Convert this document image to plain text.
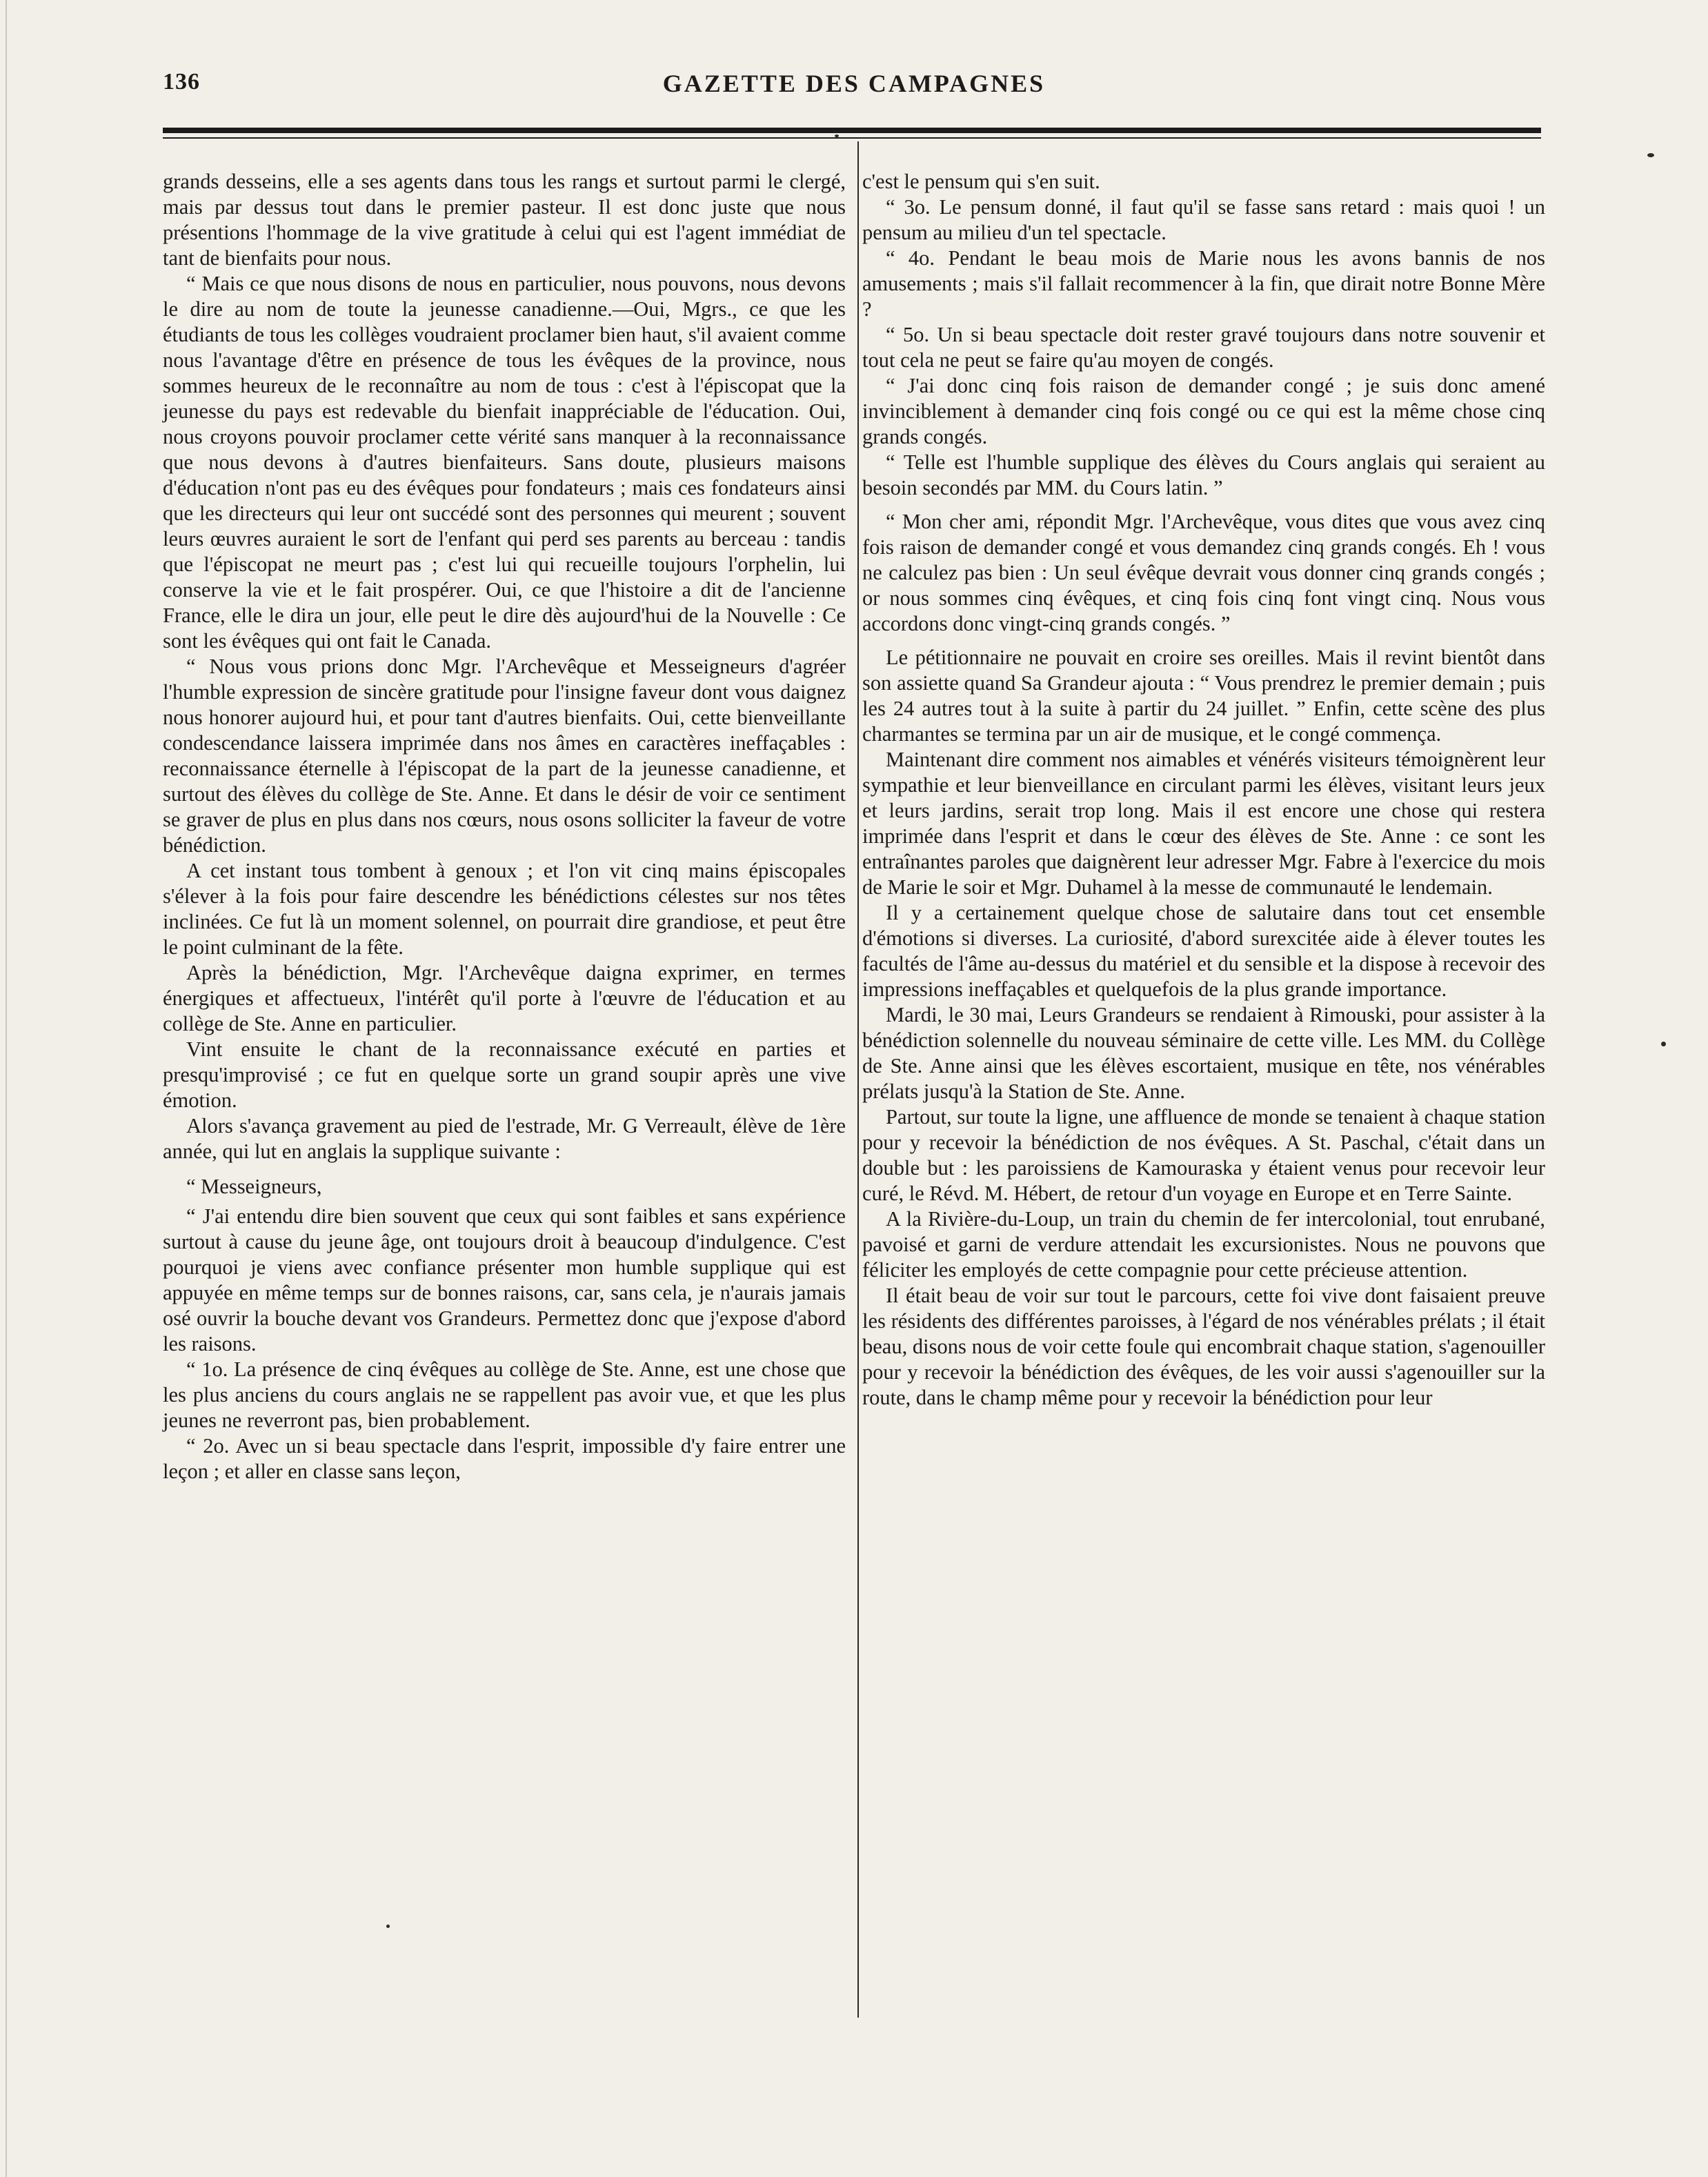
136	GAZETTE DES CAMPAGNES

grands desseins, elle a ses agents dans tous les rangs et surtout parmi le clergé, mais par dessus tout dans le premier pasteur. Il est donc juste que nous présentions l'hommage de la vive gratitude à celui qui est l'agent immédiat de tant de bienfaits pour nous.

“ Mais ce que nous disons de nous en particulier, nous pouvons, nous devons le dire au nom de toute la jeunesse canadienne.—Oui, Mgrs., ce que les étudiants de tous les collèges voudraient proclamer bien haut, s'il avaient comme nous l'avantage d'être en présence de tous les évêques de la province, nous sommes heureux de le reconnaître au nom de tous : c'est à l'épiscopat que la jeunesse du pays est redevable du bienfait inappréciable de l'éducation. Oui, nous croyons pouvoir proclamer cette vérité sans manquer à la reconnaissance que nous devons à d'autres bienfaiteurs. Sans doute, plusieurs maisons d'éducation n'ont pas eu des évêques pour fondateurs ; mais ces fondateurs ainsi que les directeurs qui leur ont succédé sont des personnes qui meurent ; souvent leurs œuvres auraient le sort de l'enfant qui perd ses parents au berceau : tandis que l'épiscopat ne meurt pas ; c'est lui qui recueille toujours l'orphelin, lui conserve la vie et le fait prospérer. Oui, ce que l'histoire a dit de l'ancienne France, elle le dira un jour, elle peut le dire dès aujourd'hui de la Nouvelle : Ce sont les évêques qui ont fait le Canada.

“ Nous vous prions donc Mgr. l'Archevêque et Messeigneurs d'agréer l'humble expression de sincère gratitude pour l'insigne faveur dont vous daignez nous honorer aujourd hui, et pour tant d'autres bienfaits. Oui, cette bienveillante condescendance laissera imprimée dans nos âmes en caractères ineffaçables : reconnaissance éternelle à l'épiscopat de la part de la jeunesse canadienne, et surtout des élèves du collège de Ste. Anne. Et dans le désir de voir ce sentiment se graver de plus en plus dans nos cœurs, nous osons solliciter la faveur de votre bénédiction.

A cet instant tous tombent à genoux ; et l'on vit cinq mains épiscopales s'élever à la fois pour faire descendre les bénédictions célestes sur nos têtes inclinées. Ce fut là un moment solennel, on pourrait dire grandiose, et peut être le point culminant de la fête.

Après la bénédiction, Mgr. l'Archevêque daigna exprimer, en termes énergiques et affectueux, l'intérêt qu'il porte à l'œuvre de l'éducation et au collège de Ste. Anne en particulier.

Vint ensuite le chant de la reconnaissance exécuté en parties et presqu'improvisé ; ce fut en quelque sorte un grand soupir après une vive émotion.

Alors s'avança gravement au pied de l'estrade, Mr. G Verreault, élève de 1ère année, qui lut en anglais la supplique suivante :

“ Messeigneurs,

“ J'ai entendu dire bien souvent que ceux qui sont faibles et sans expérience surtout à cause du jeune âge, ont toujours droit à beaucoup d'indulgence. C'est pourquoi je viens avec confiance présenter mon humble supplique qui est appuyée en même temps sur de bonnes raisons, car, sans cela, je n'aurais jamais osé ouvrir la bouche devant vos Grandeurs. Permettez donc que j'expose d'abord les raisons.

“ 1o. La présence de cinq évêques au collège de Ste. Anne, est une chose que les plus anciens du cours anglais ne se rappellent pas avoir vue, et que les plus jeunes ne reverront pas, bien probablement.

“ 2o. Avec un si beau spectacle dans l'esprit, impossible d'y faire entrer une leçon ; et aller en classe sans leçon,

c'est le pensum qui s'en suit.

“ 3o. Le pensum donné, il faut qu'il se fasse sans retard : mais quoi ! un pensum au milieu d'un tel spectacle.

“ 4o. Pendant le beau mois de Marie nous les avons bannis de nos amusements ; mais s'il fallait recommencer à la fin, que dirait notre Bonne Mère ?

“ 5o. Un si beau spectacle doit rester gravé toujours dans notre souvenir et tout cela ne peut se faire qu'au moyen de congés.

“ J'ai donc cinq fois raison de demander congé ; je suis donc amené invinciblement à demander cinq fois congé ou ce qui est la même chose cinq grands congés.

“ Telle est l'humble supplique des élèves du Cours anglais qui seraient au besoin secondés par MM. du Cours latin. ”

“ Mon cher ami, répondit Mgr. l'Archevêque, vous dites que vous avez cinq fois raison de demander congé et vous demandez cinq grands congés. Eh ! vous ne calculez pas bien : Un seul évêque devrait vous donner cinq grands congés ; or nous sommes cinq évêques, et cinq fois cinq font vingt cinq. Nous vous accordons donc vingt-cinq grands congés. ”

Le pétitionnaire ne pouvait en croire ses oreilles. Mais il revint bientôt dans son assiette quand Sa Grandeur ajouta : “ Vous prendrez le premier demain ; puis les 24 autres tout à la suite à partir du 24 juillet. ” Enfin, cette scène des plus charmantes se termina par un air de musique, et le congé commença.

Maintenant dire comment nos aimables et vénérés visiteurs témoignèrent leur sympathie et leur bienveillance en circulant parmi les élèves, visitant leurs jeux et leurs jardins, serait trop long. Mais il est encore une chose qui restera imprimée dans l'esprit et dans le cœur des élèves de Ste. Anne : ce sont les entraînantes paroles que daignèrent leur adresser Mgr. Fabre à l'exercice du mois de Marie le soir et Mgr. Duhamel à la messe de communauté le lendemain.

Il y a certainement quelque chose de salutaire dans tout cet ensemble d'émotions si diverses. La curiosité, d'abord surexcitée aide à élever toutes les facultés de l'âme au-dessus du matériel et du sensible et la dispose à recevoir des impressions ineffaçables et quelquefois de la plus grande importance.

Mardi, le 30 mai, Leurs Grandeurs se rendaient à Rimouski, pour assister à la bénédiction solennelle du nouveau séminaire de cette ville. Les MM. du Collège de Ste. Anne ainsi que les élèves escortaient, musique en tête, nos vénérables prélats jusqu'à la Station de Ste. Anne.

Partout, sur toute la ligne, une affluence de monde se tenaient à chaque station pour y recevoir la bénédiction de nos évêques. A St. Paschal, c'était dans un double but : les paroissiens de Kamouraska y étaient venus pour recevoir leur curé, le Révd. M. Hébert, de retour d'un voyage en Europe et en Terre Sainte.

A la Rivière-du-Loup, un train du chemin de fer intercolonial, tout enrubané, pavoisé et garni de verdure attendait les excursionistes. Nous ne pouvons que féliciter les employés de cette compagnie pour cette précieuse attention.

Il était beau de voir sur tout le parcours, cette foi vive dont faisaient preuve les résidents des différentes paroisses, à l'égard de nos vénérables prélats ; il était beau, disons nous de voir cette foule qui encombrait chaque station, s'agenouiller pour y recevoir la bénédiction des évêques, de les voir aussi s'agenouiller sur la route, dans le champ même pour y recevoir la bénédiction pour leur
